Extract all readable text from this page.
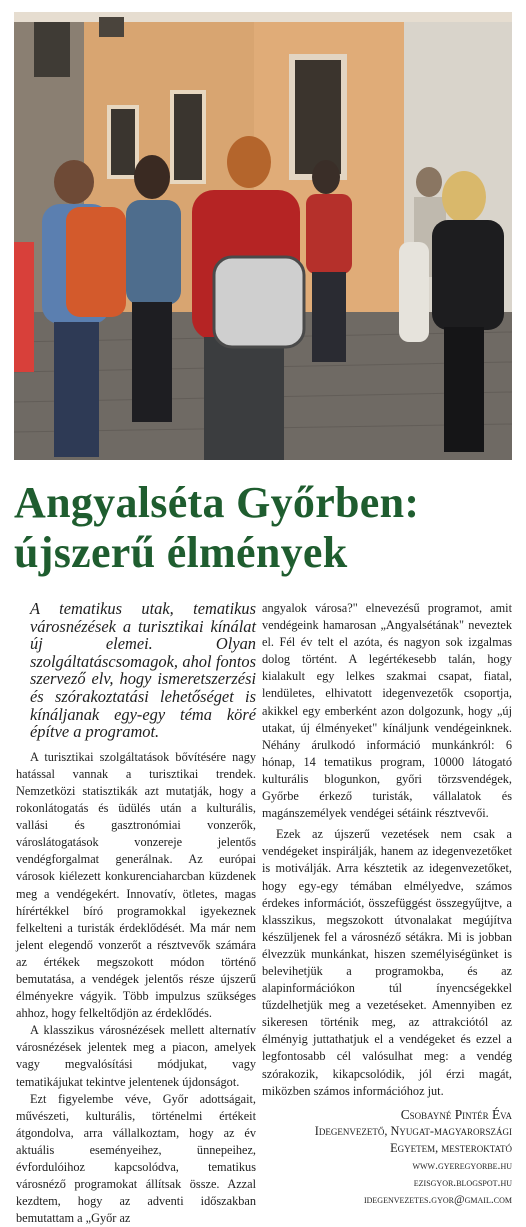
Angyalséta Győrben:
újszerű élmények

A tematikus utak, tematikus városnézések a turisztikai kínálat új elemei. Olyan szolgáltatáscsomagok, ahol fontos szervező elv, hogy ismeretszerzési és szórakoztatási lehetőséget is kínáljanak egy-egy téma köré építve a programot.

A turisztikai szolgáltatások bővítésére nagy hatással vannak a turisztikai trendek. Nemzetközi statisztikák azt mutatják, hogy a rokonlátogatás és üdülés után a kulturális, vallási és gasztronómiai vonzerők, városlátogatások vonzereje jelentős vendégforgalmat generálnak. Az európai városok kiélezett konkurenciaharcban küzdenek meg a vendégekért. Innovatív, ötletes, magas hírértékkel bíró programokkal igyekeznek felkelteni a turisták érdeklődését. Ma már nem jelent elegendő vonzerőt a résztvevők számára az értékek megszokott módon történő bemutatása, a vendégek jelentős része újszerű élményekre vágyik. Több impulzus szükséges ahhoz, hogy felkeltődjön az érdeklődés.

A klasszikus városnézések mellett alternatív városnézések jelentek meg a piacon, amelyek vagy megvalósítási módjukat, vagy tematikájukat tekintve jelentenek újdonságot.

Ezt figyelembe véve, Győr adottságait, művészeti, kulturális, történelmi értékeit átgondolva, arra vállalkoztam, hogy az év aktuális eseményeihez, ünnepeihez, évfordulóihoz kapcsolódva, tematikus városnéző programokat állítsak össze. Azzal kezdtem, hogy az adventi időszakban bemutattam a „Győr az

angyalok városa?" elnevezésű programot, amit vendégeink hamarosan „Angyalsétának" neveztek el. Fél év telt el azóta, és nagyon sok izgalmas dolog történt. A legértékesebb talán, hogy kialakult egy lelkes szakmai csapat, fiatal, lendületes, elhivatott idegenvezetők csoportja, akikkel egy emberként azon dolgozunk, hogy „új utakat, új élményeket" kínáljunk vendégeinknek. Néhány árulkodó információ munkánkról: 6 hónap, 14 tematikus program, 10000 látogató kulturális blogunkon, győri törzsvendégek, Győrbe érkező turisták, vállalatok és magánszemélyek vendégei sétáink résztvevői.

Ezek az újszerű vezetések nem csak a vendégeket inspirálják, hanem az idegenvezetőket is motiválják. Arra késztetik az idegenvezetőket, hogy egy-egy témában elmélyedve, számos érdekes információt, összefüggést összegyűjtve, a klasszikus, megszokott útvonalakat megújítva készüljenek fel a városnéző sétákra. Mi is jobban élvezzük munkánkat, hiszen személyiségünket is belevihetjük a programokba, és az alapinformációkon túl ínyencségekkel tűzdelhetjük meg a vezetéseket. Amennyiben ez sikeresen történik meg, az attrakciótól az élményig juttathatjuk el a vendégeket és ezzel a legfontosabb cél valósulhat meg: a vendég szórakozik, kikapcsolódik, jól érzi magát, miközben számos információhoz jut.

Csobayné Pintér Éva
Idegenvezető, Nyugat-magyarországi
Egyetem, mesteroktató
www.gyeregyorbe.hu
ezisgyor.blogspot.hu
idegenvezetes.gyor@gmail.com
